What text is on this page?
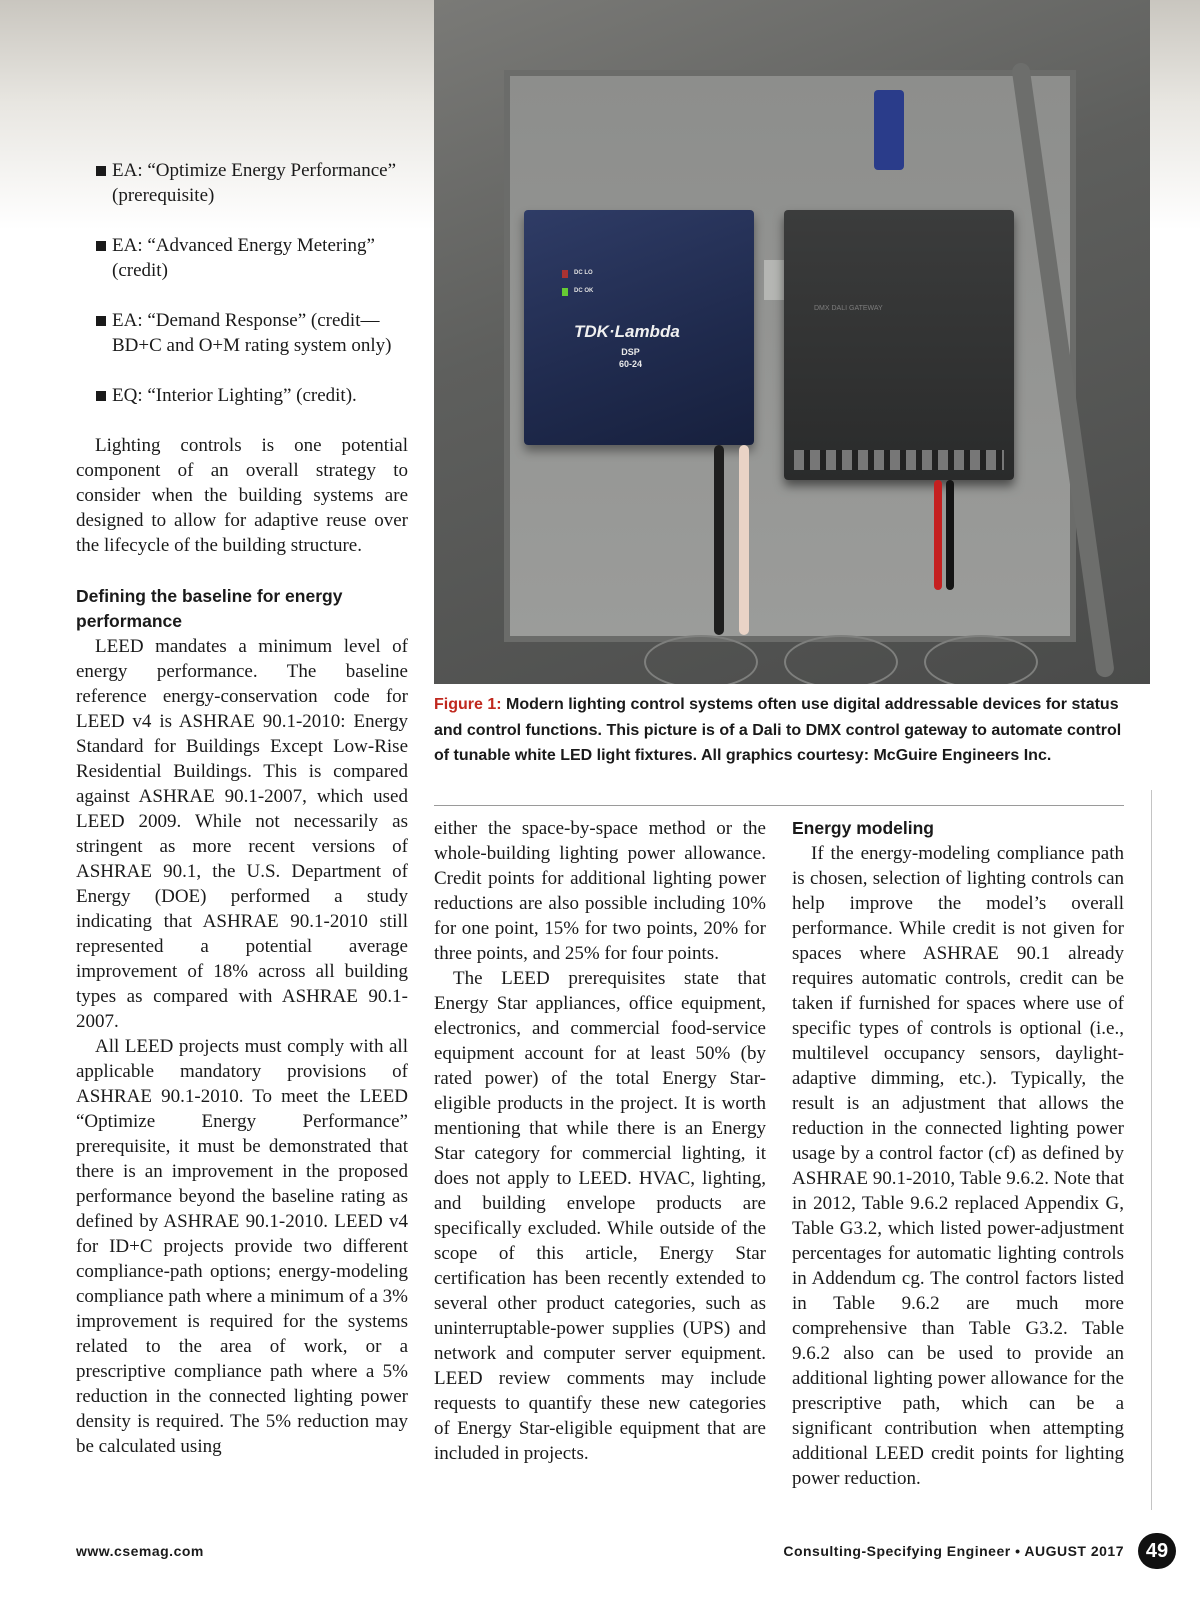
EA: “Optimize Energy Performance” (prerequisite)
EA: “Advanced Energy Metering” (credit)
EA: “Demand Response” (credit—BD+C and O+M rating system only)
EQ: “Interior Lighting” (credit).

Lighting controls is one potential component of an overall strategy to consider when the building systems are designed to allow for adaptive reuse over the lifecycle of the building structure.

Defining the baseline for energy performance

LEED mandates a minimum level of energy performance. The baseline reference energy-conservation code for LEED v4 is ASHRAE 90.1-2010: Energy Standard for Buildings Except Low-Rise Residential Buildings. This is compared against ASHRAE 90.1-2007, which used LEED 2009. While not necessarily as stringent as more recent versions of ASHRAE 90.1, the U.S. Department of Energy (DOE) performed a study indicating that ASHRAE 90.1-2010 still represented a potential average improvement of 18% across all building types as compared with ASHRAE 90.1-2007.

All LEED projects must comply with all applicable mandatory provisions of ASHRAE 90.1-2010. To meet the LEED “Optimize Energy Performance” prerequisite, it must be demonstrated that there is an improvement in the proposed performance beyond the baseline rating as defined by ASHRAE 90.1-2010. LEED v4 for ID+C projects provide two different compliance-path options; energy-modeling compliance path where a minimum of a 3% improvement is required for the systems related to the area of work, or a prescriptive compliance path where a 5% reduction in the connected lighting power density is required. The 5% reduction may be calculated using

DC LO
DC OK
TDK·Lambda
DSP
60-24
DMX DALI GATEWAY
Figure 1: Modern lighting control systems often use digital addressable devices for status and control functions. This picture is of a Dali to DMX control gateway to automate control of tunable white LED light fixtures. All graphics courtesy: McGuire Engineers Inc.

either the space-by-space method or the whole-building lighting power allowance. Credit points for additional lighting power reductions are also possible including 10% for one point, 15% for two points, 20% for three points, and 25% for four points.

The LEED prerequisites state that Energy Star appliances, office equipment, electronics, and commercial food-service equipment account for at least 50% (by rated power) of the total Energy Star-eligible products in the project. It is worth mentioning that while there is an Energy Star category for commercial lighting, it does not apply to LEED. HVAC, lighting, and building envelope products are specifically excluded. While outside of the scope of this article, Energy Star certification has been recently extended to several other product categories, such as uninterruptable-power supplies (UPS) and network and computer server equipment. LEED review comments may include requests to quantify these new categories of Energy Star-eligible equipment that are included in projects.

Energy modeling

If the energy-modeling compliance path is chosen, selection of lighting controls can help improve the model’s overall performance. While credit is not given for spaces where ASHRAE 90.1 already requires automatic controls, credit can be taken if furnished for spaces where use of specific types of controls is optional (i.e., multilevel occupancy sensors, daylight-adaptive dimming, etc.). Typically, the result is an adjustment that allows the reduction in the connected lighting power usage by a control factor (cf) as defined by ASHRAE 90.1-2010, Table 9.6.2. Note that in 2012, Table 9.6.2 replaced Appendix G, Table G3.2, which listed power-adjustment percentages for automatic lighting controls in Addendum cg. The control factors listed in Table 9.6.2 are much more comprehensive than Table G3.2. Table 9.6.2 also can be used to provide an additional lighting power allowance for the prescriptive path, which can be a significant contribution when attempting additional LEED credit points for lighting power reduction.

www.csemag.com	Consulting-Specifying Engineer • AUGUST 2017	49
